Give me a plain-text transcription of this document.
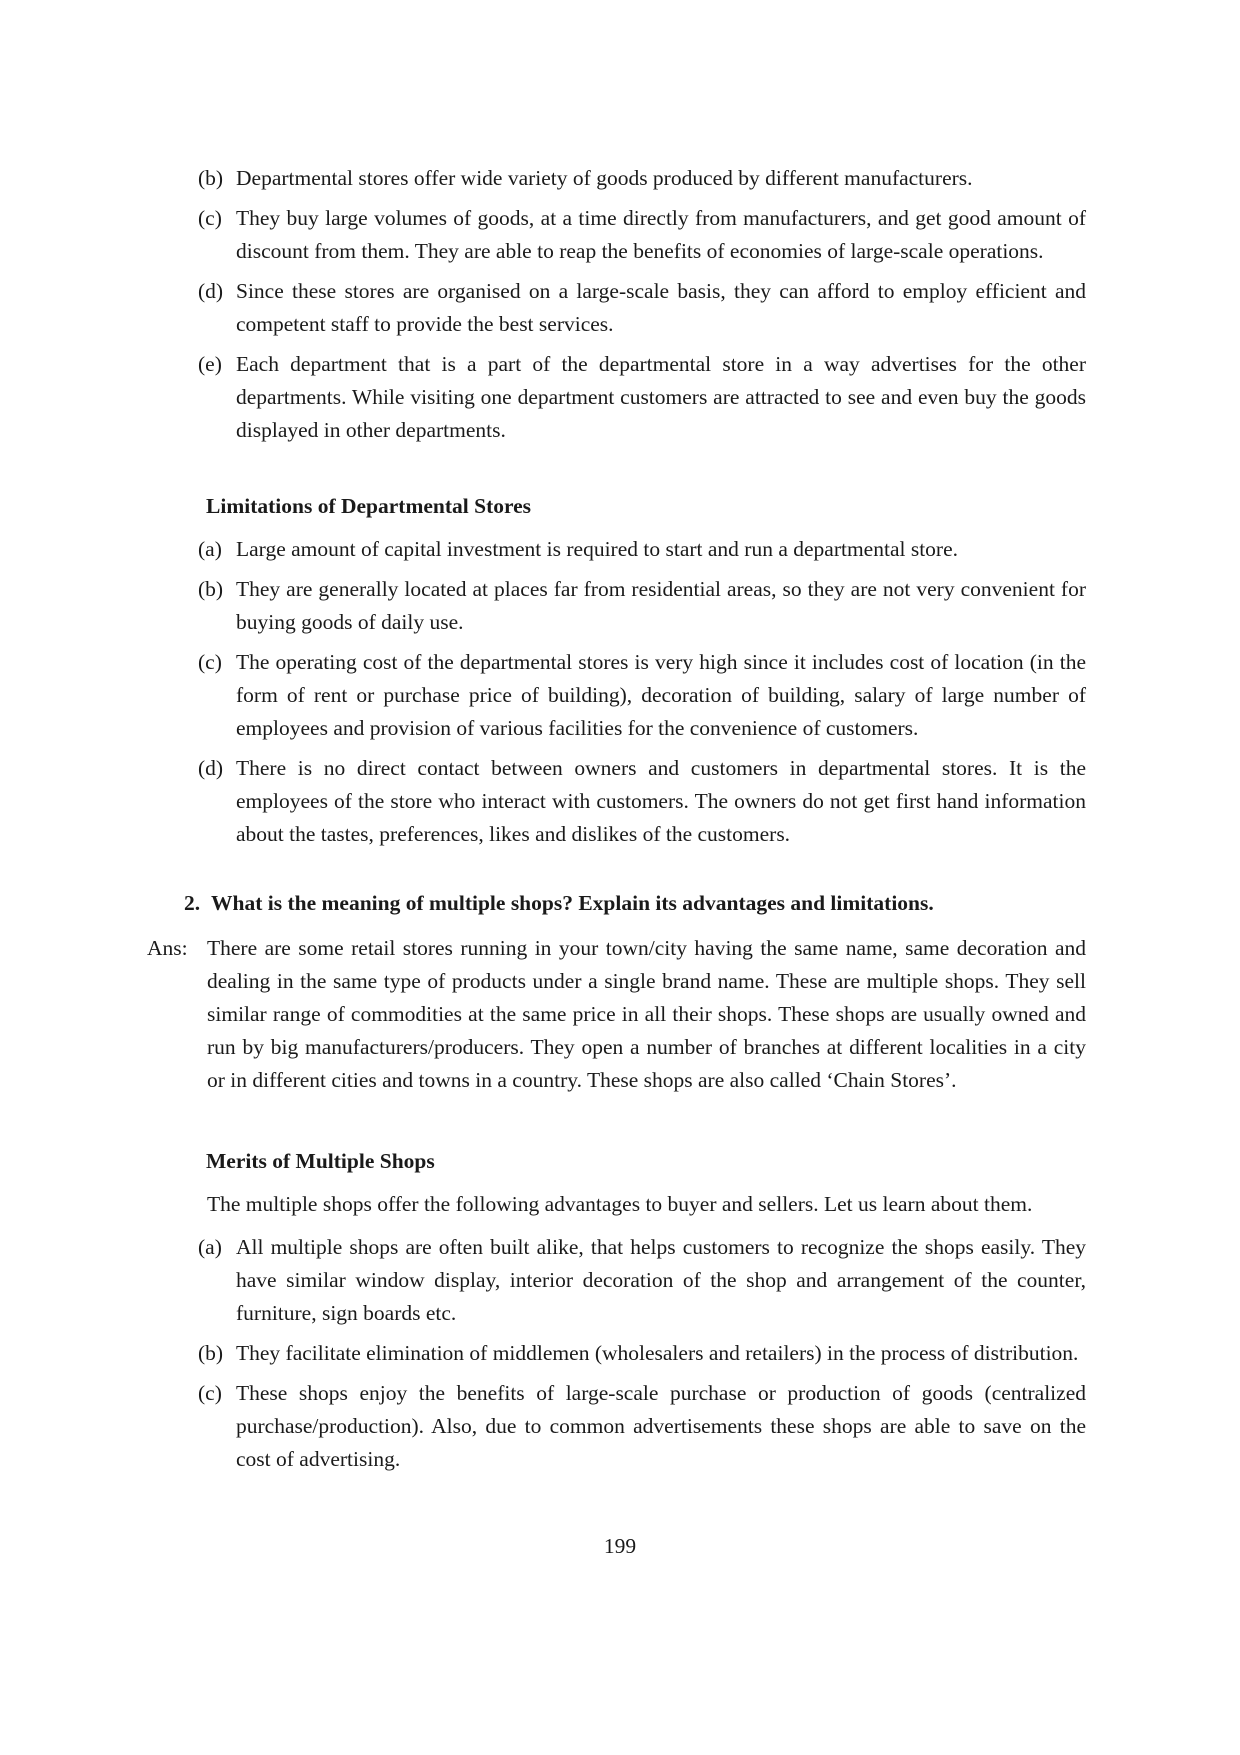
(b) Departmental stores offer wide variety of goods produced by different manufacturers.
(c) They buy large volumes of goods, at a time directly from manufacturers, and get good amount of discount from them. They are able to reap the benefits of economies of large-scale operations.
(d) Since these stores are organised on a large-scale basis, they can afford to employ efficient and competent staff to provide the best services.
(e) Each department that is a part of the departmental store in a way advertises for the other departments. While visiting one department customers are attracted to see and even buy the goods displayed in other departments.
Limitations of Departmental Stores
(a) Large amount of capital investment is required to start and run a departmental store.
(b) They are generally located at places far from residential areas, so they are not very convenient for buying goods of daily use.
(c) The operating cost of the departmental stores is very high since it includes cost of location (in the form of rent or purchase price of building), decoration of building, salary of large number of employees and provision of various facilities for the convenience of customers.
(d) There is no direct contact between owners and customers in departmental stores. It is the employees of the store who interact with customers. The owners do not get first hand information about the tastes, preferences, likes and dislikes of the customers.
2. What is the meaning of multiple shops? Explain its advantages and limitations.
Ans: There are some retail stores running in your town/city having the same name, same decoration and dealing in the same type of products under a single brand name. These are multiple shops. They sell similar range of commodities at the same price in all their shops. These shops are usually owned and run by big manufacturers/producers. They open a number of branches at different localities in a city or in different cities and towns in a country. These shops are also called ‘Chain Stores’.
Merits of Multiple Shops
The multiple shops offer the following advantages to buyer and sellers. Let us learn about them.
(a) All multiple shops are often built alike, that helps customers to recognize the shops easily. They have similar window display, interior decoration of the shop and arrangement of the counter, furniture, sign boards etc.
(b) They facilitate elimination of middlemen (wholesalers and retailers) in the process of distribution.
(c) These shops enjoy the benefits of large-scale purchase or production of goods (centralized purchase/production). Also, due to common advertisements these shops are able to save on the cost of advertising.
199
